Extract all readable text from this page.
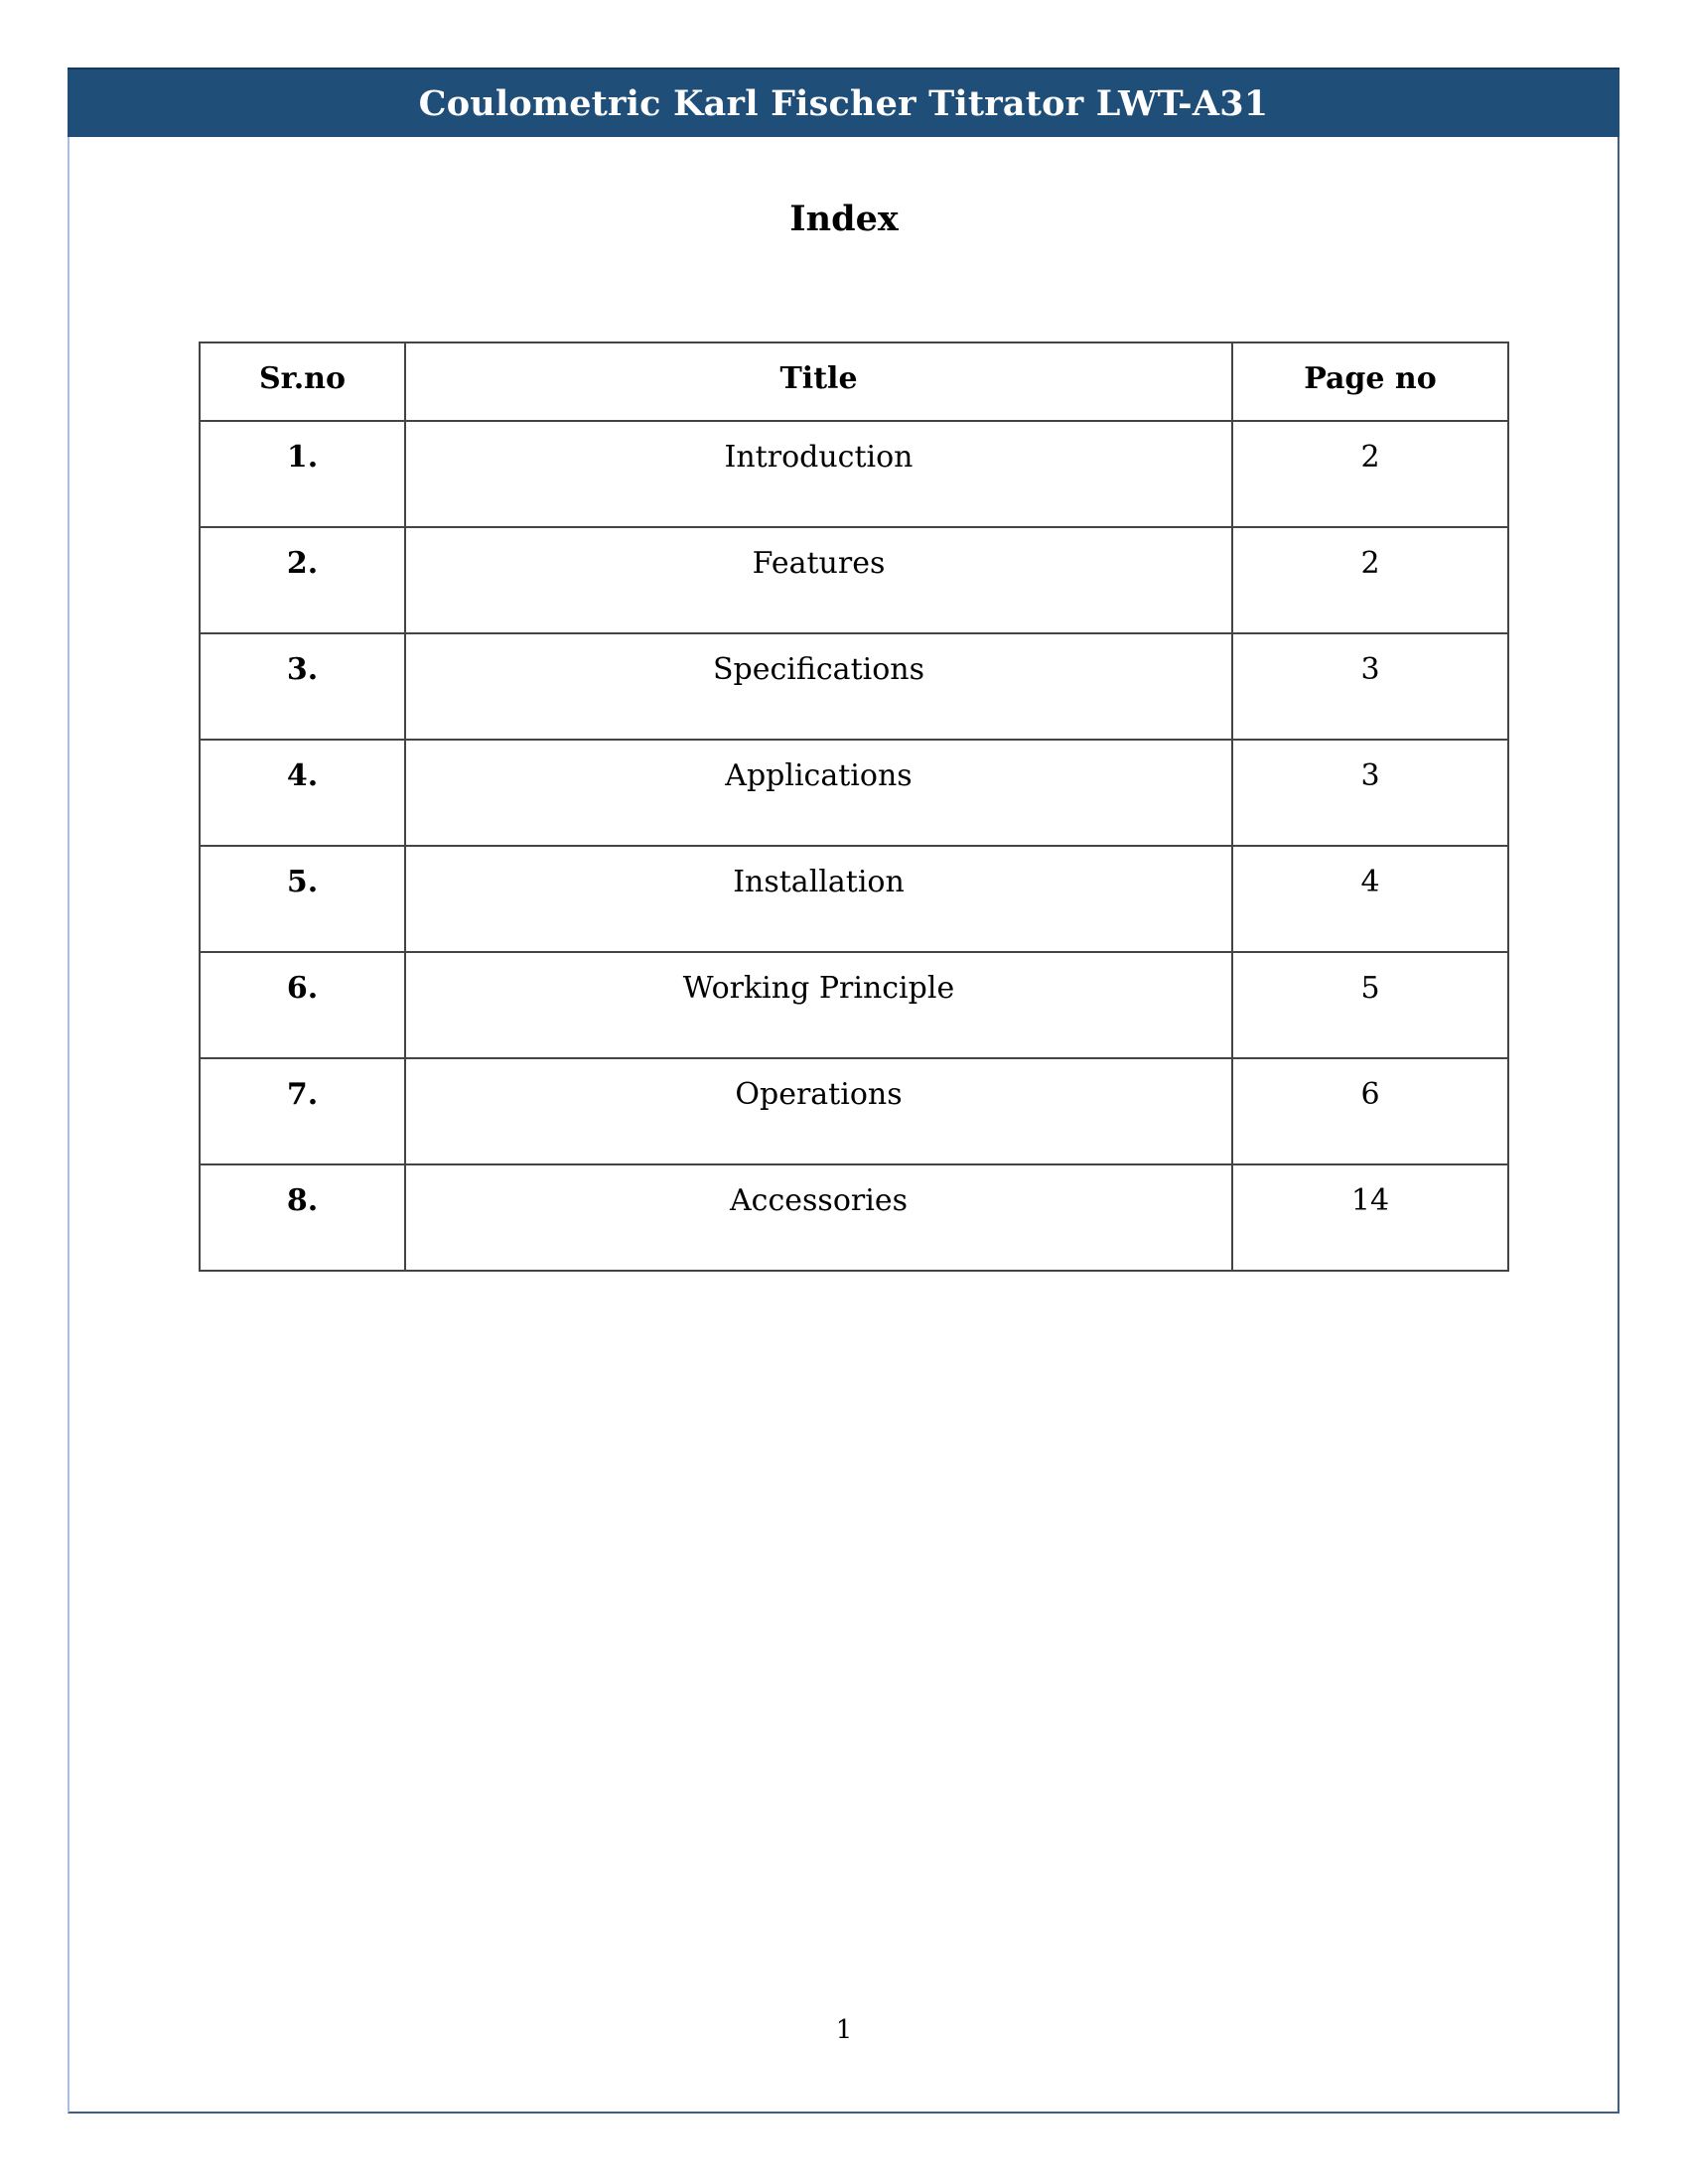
Coulometric Karl Fischer Titrator LWT-A31
Index
Sr.no	Title	Page no
1.	Introduction	2
2.	Features	2
3.	Specifications	3
4.	Applications	3
5.	Installation	4
6.	Working Principle	5
7.	Operations	6
8.	Accessories	14
1
